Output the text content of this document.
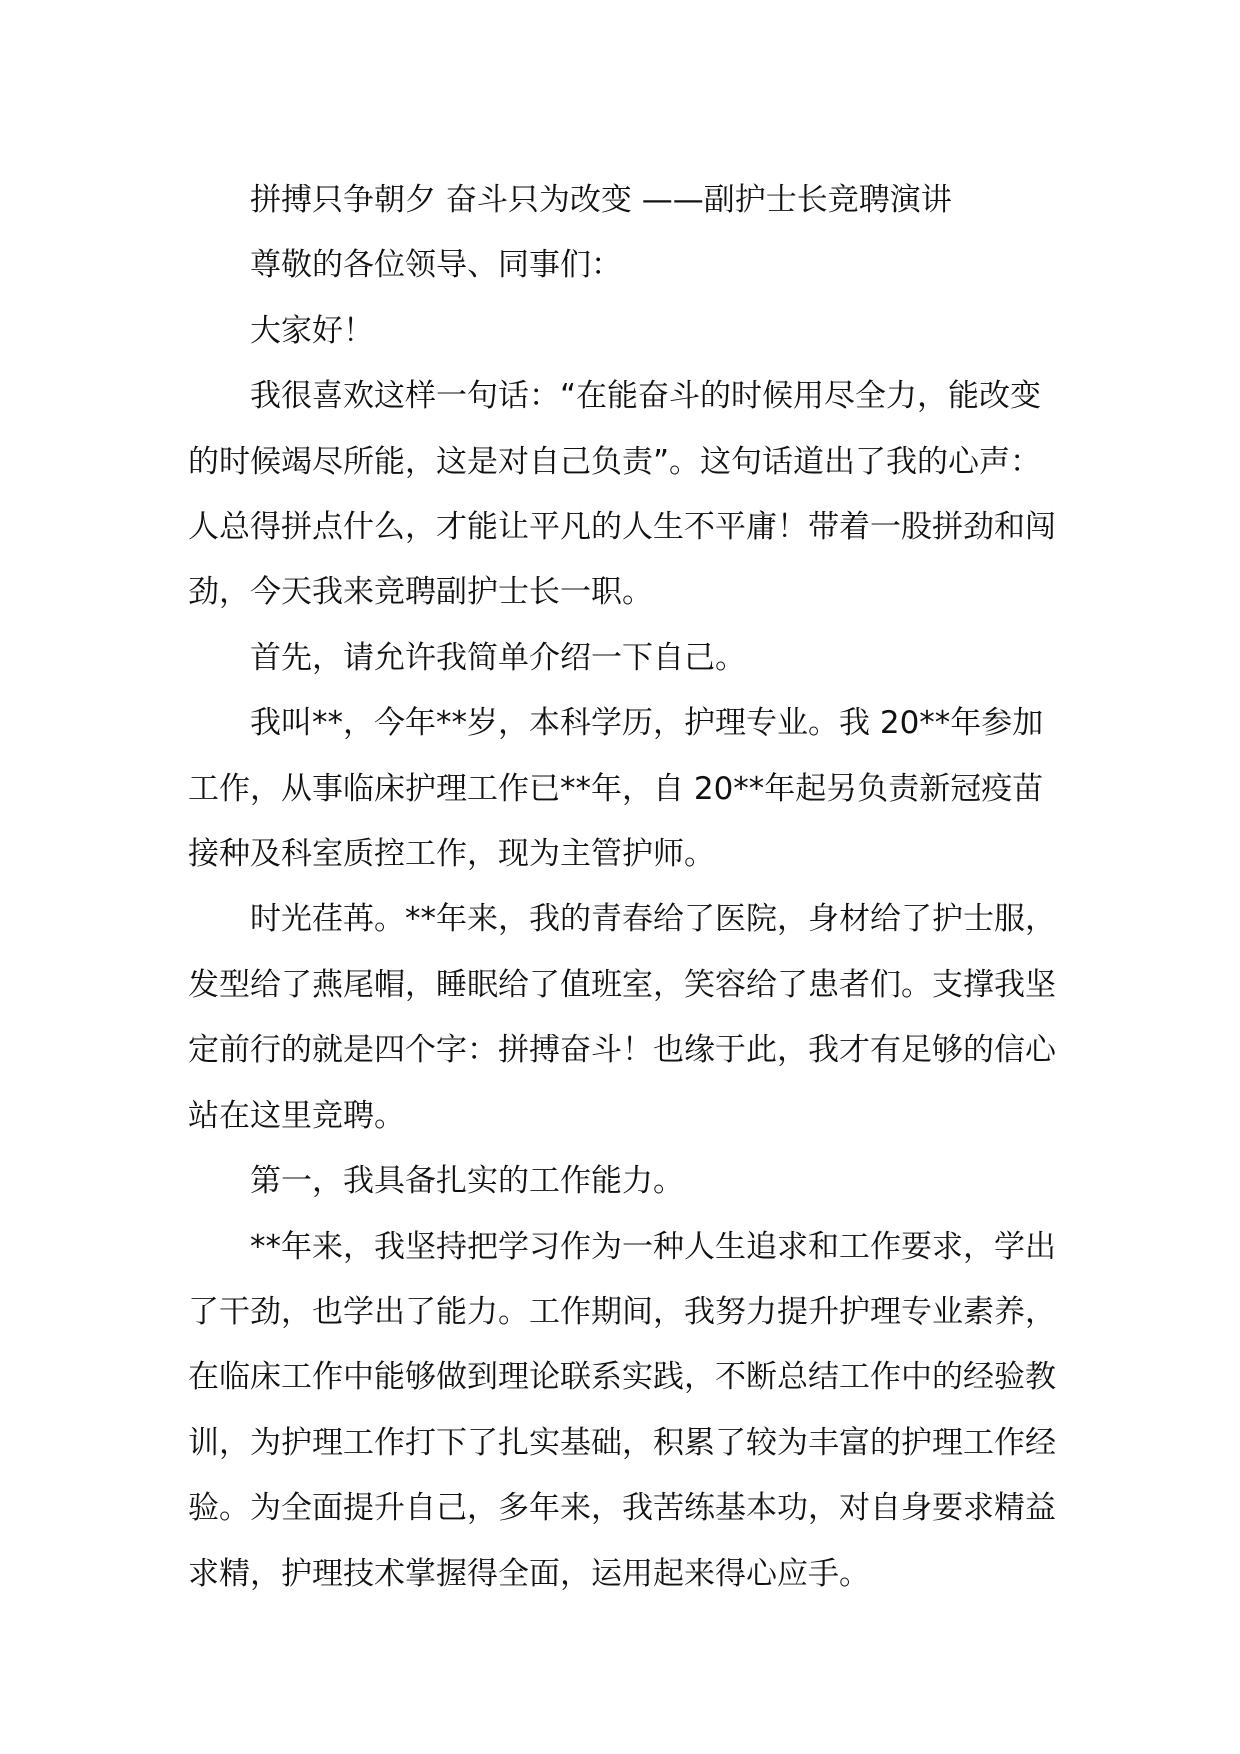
拼搏只争朝夕 奋斗只为改变 ——副护士长竞聘演讲

尊敬的各位领导、同事们：

大家好！

我很喜欢这样一句话：“在能奋斗的时候用尽全力，能改变的时候竭尽所能，这是对自己负责”。这句话道出了我的心声：人总得拼点什么，才能让平凡的人生不平庸！带着一股拼劲和闯劲，今天我来竞聘副护士长一职。

首先，请允许我简单介绍一下自己。

我叫**，今年**岁，本科学历，护理专业。我 20**年参加工作，从事临床护理工作已**年，自 20**年起另负责新冠疫苗接种及科室质控工作，现为主管护师。

时光荏苒。**年来，我的青春给了医院，身材给了护士服，发型给了燕尾帽，睡眠给了值班室，笑容给了患者们。支撑我坚定前行的就是四个字：拼搏奋斗！也缘于此，我才有足够的信心站在这里竞聘。

第一，我具备扎实的工作能力。

**年来，我坚持把学习作为一种人生追求和工作要求，学出了干劲，也学出了能力。工作期间，我努力提升护理专业素养，在临床工作中能够做到理论联系实践，不断总结工作中的经验教训，为护理工作打下了扎实基础，积累了较为丰富的护理工作经验。为全面提升自己，多年来，我苦练基本功，对自身要求精益求精，护理技术掌握得全面，运用起来得心应手。
